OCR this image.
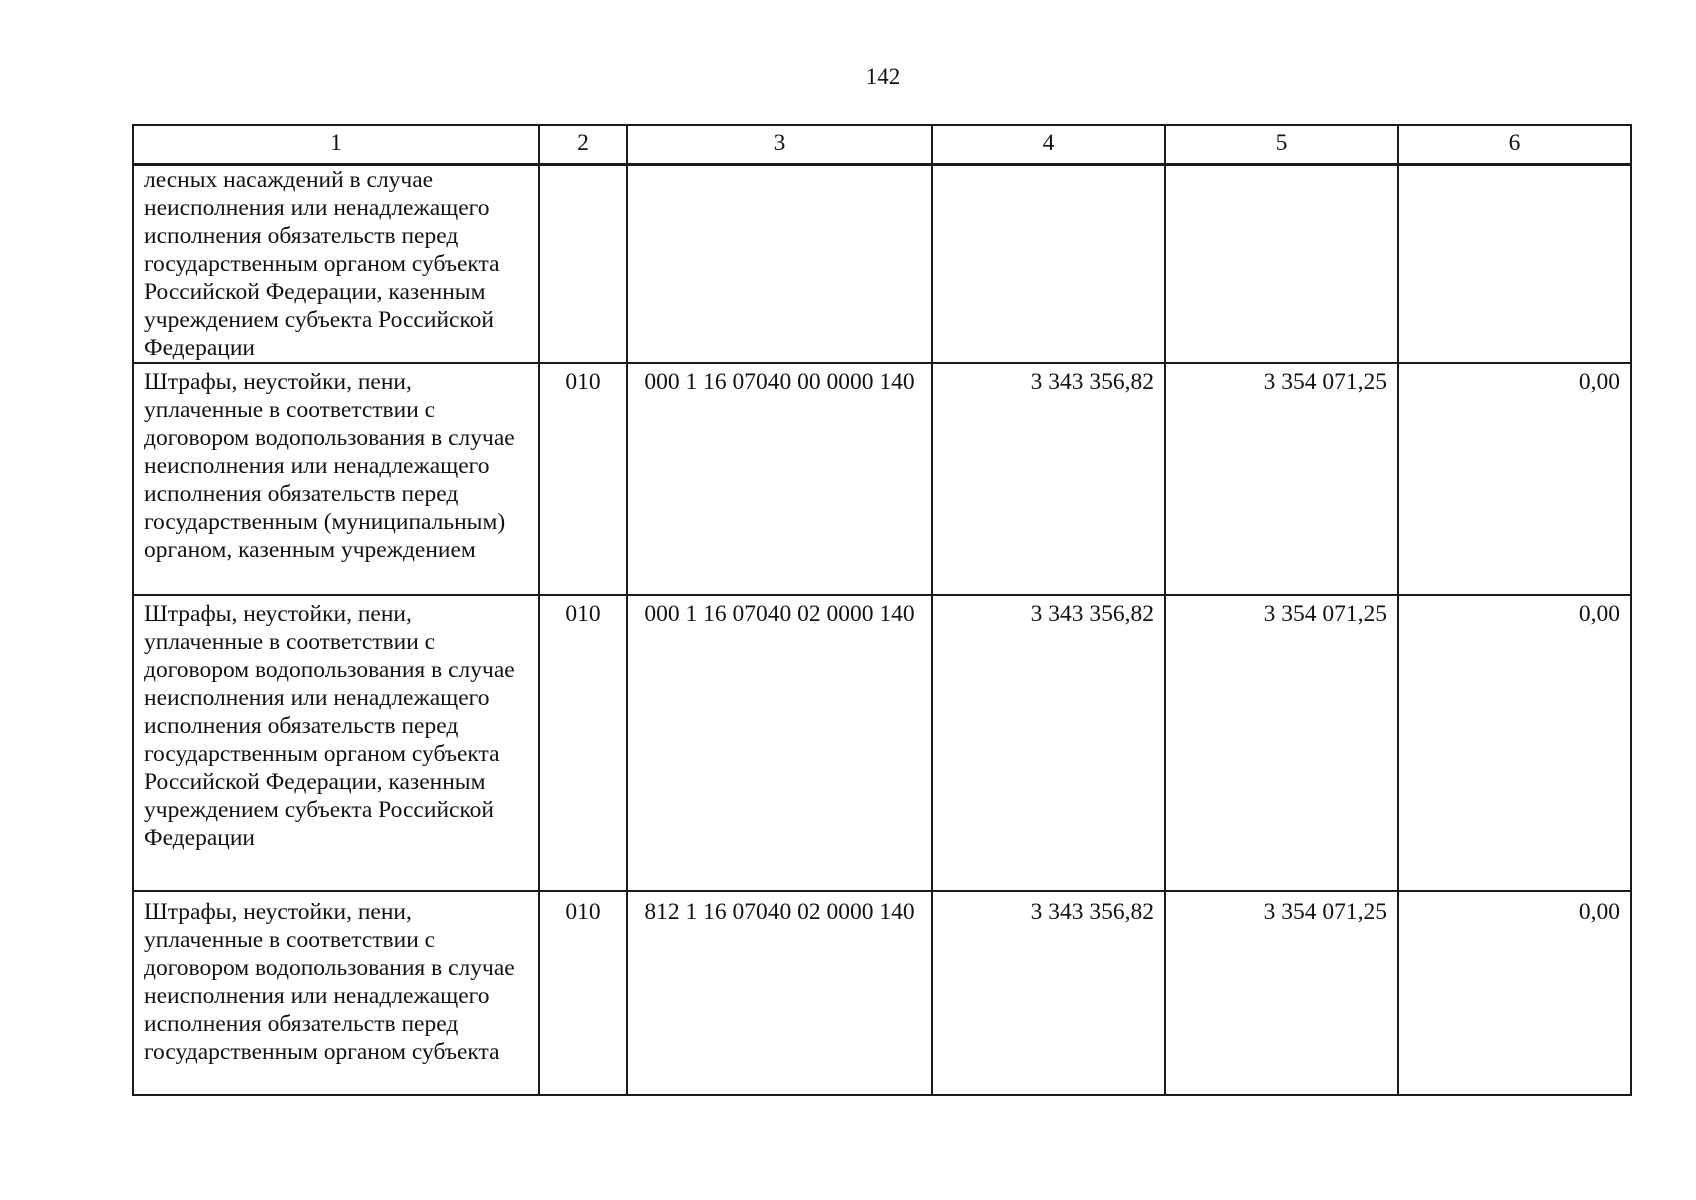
142
1	2	3	4	5	6
лесных насаждений в случае неисполнения или ненадлежащего исполнения обязательств перед государственным органом субъекта Российской Федерации, казенным учреждением субъекта Российской Федерации					
Штрафы, неустойки, пени, уплаченные в соответствии с договором водопользования в случае неисполнения или ненадлежащего исполнения обязательств перед государственным (муниципальным) органом, казенным учреждением	010	000 1 16 07040 00 0000 140	3 343 356,82	3 354 071,25	0,00
Штрафы, неустойки, пени, уплаченные в соответствии с договором водопользования в случае неисполнения или ненадлежащего исполнения обязательств перед государственным органом субъекта Российской Федерации, казенным учреждением субъекта Российской Федерации	010	000 1 16 07040 02 0000 140	3 343 356,82	3 354 071,25	0,00
Штрафы, неустойки, пени, уплаченные в соответствии с договором водопользования в случае неисполнения или ненадлежащего исполнения обязательств перед государственным органом субъекта	010	812 1 16 07040 02 0000 140	3 343 356,82	3 354 071,25	0,00
